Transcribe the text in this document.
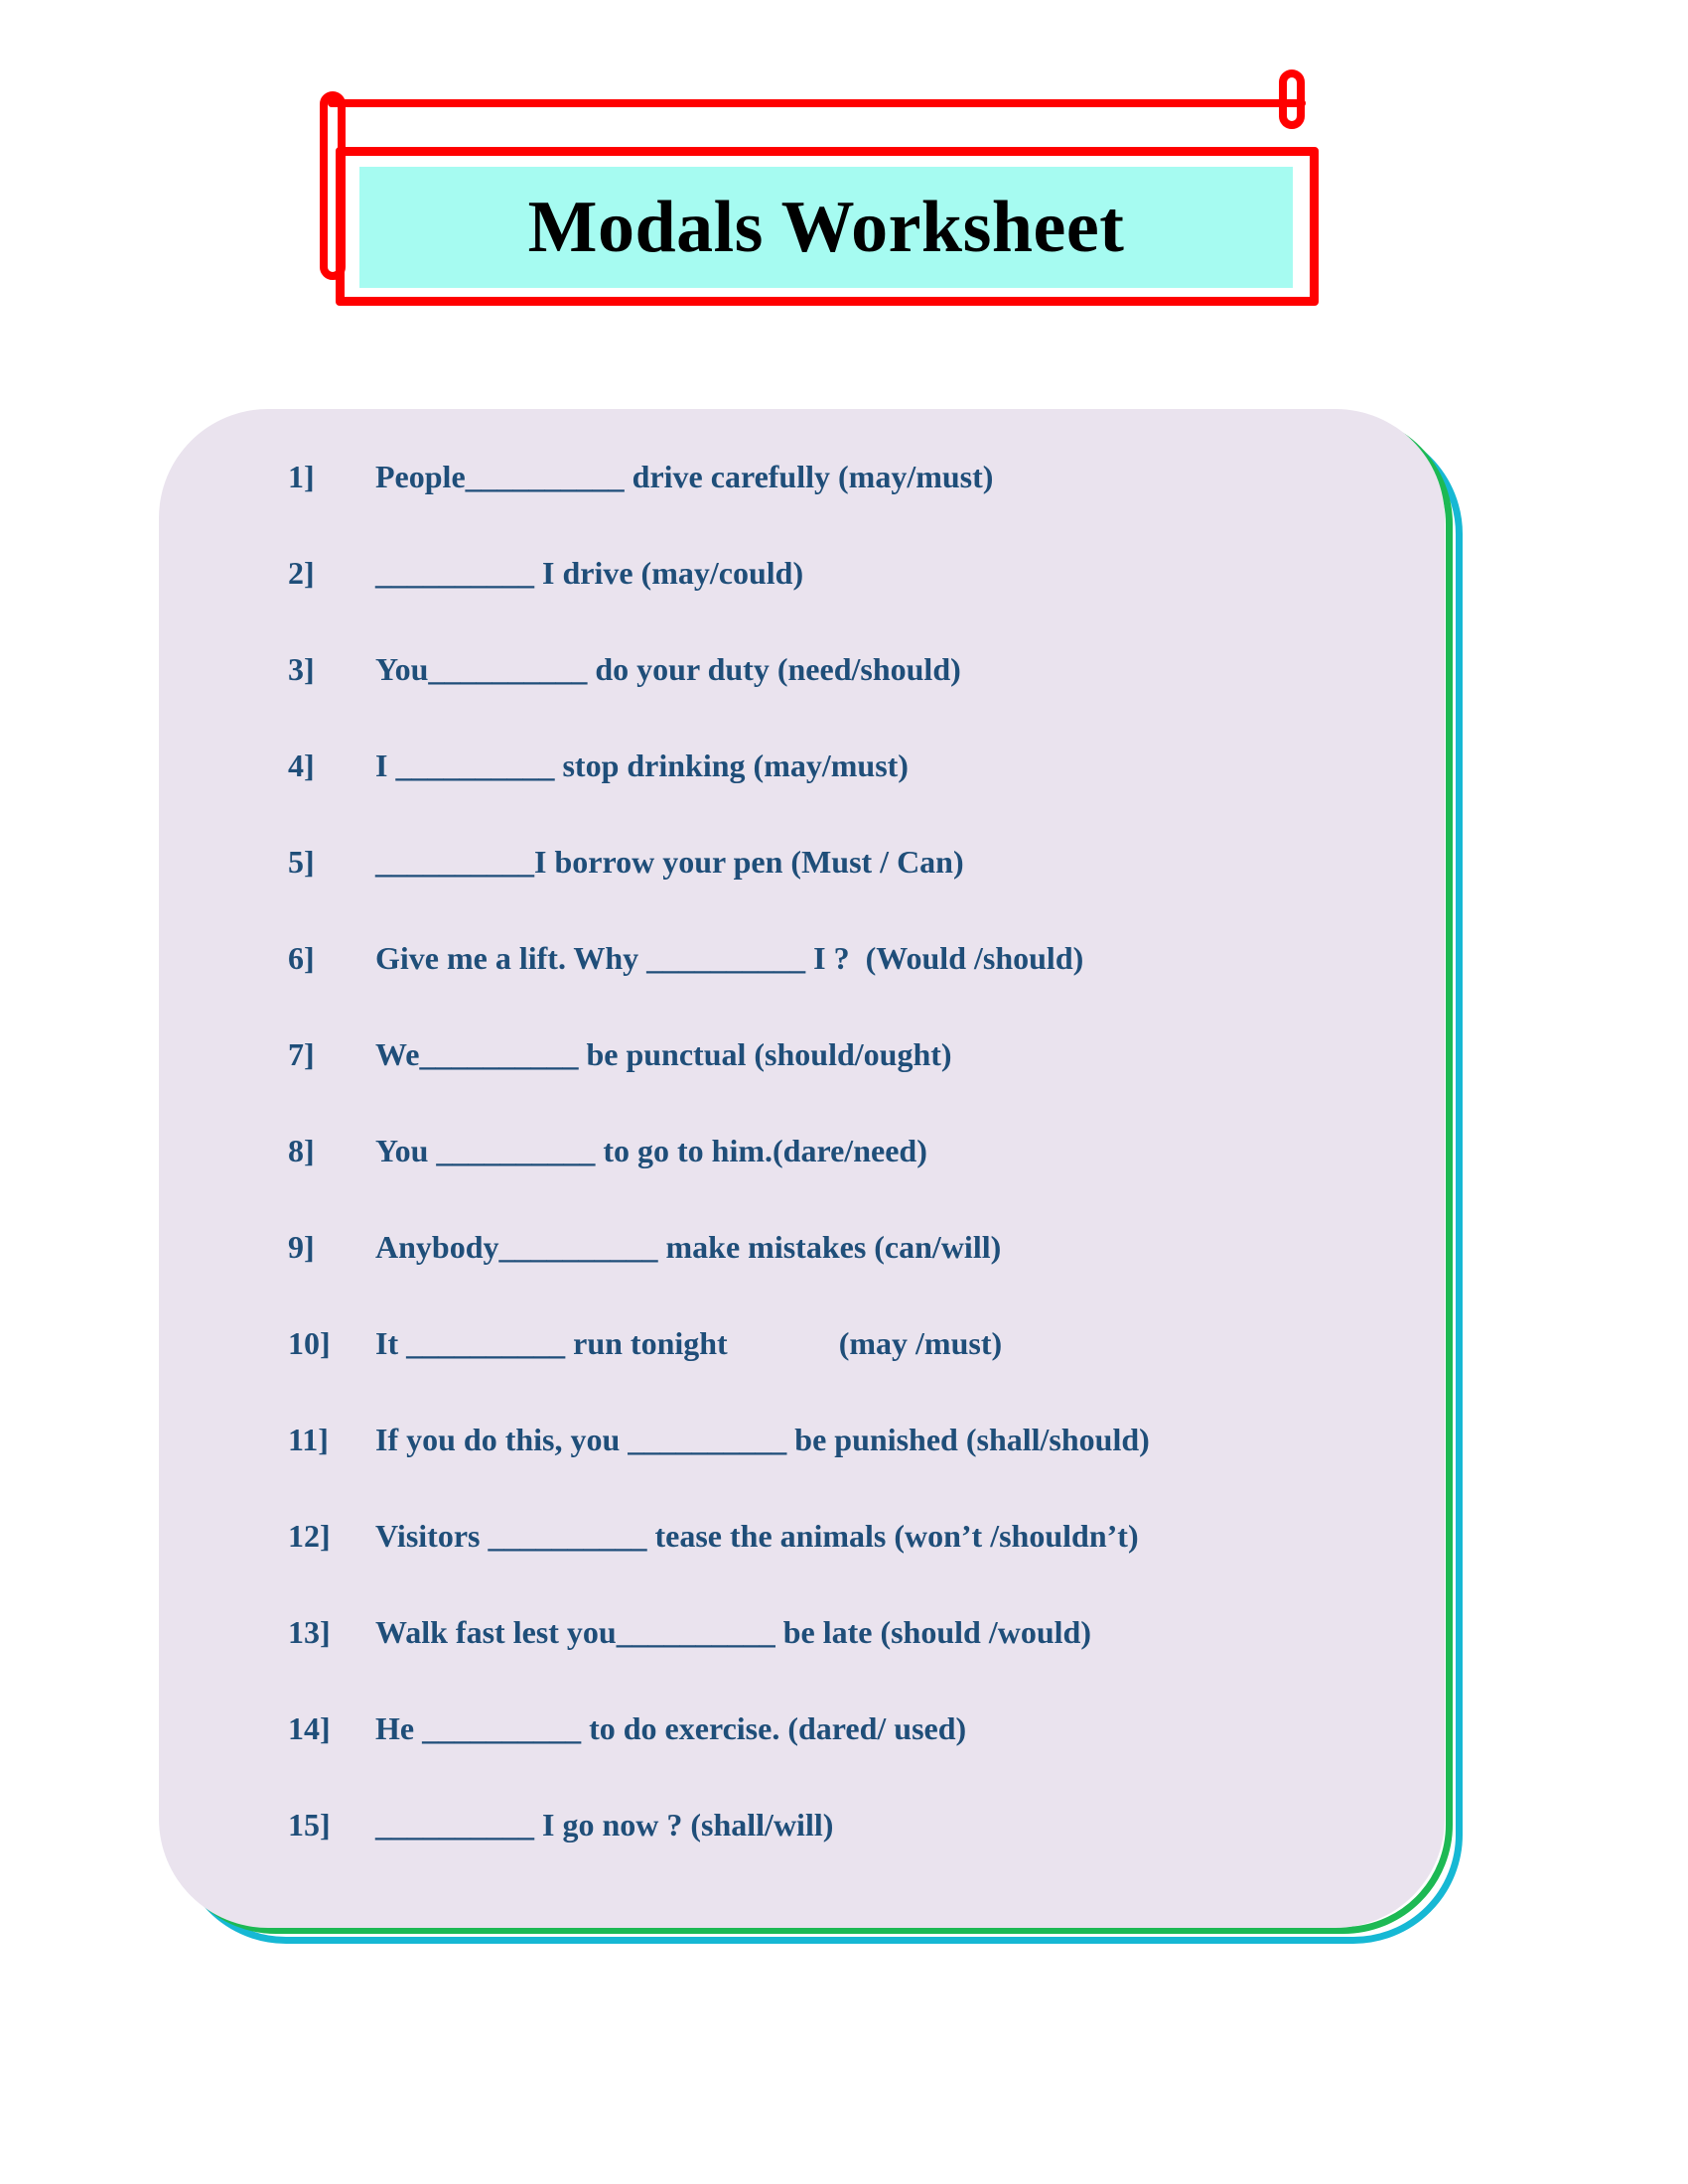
Modals Worksheet
1]	People__________ drive carefully (may/must)
2]	__________ I drive (may/could)
3]	You__________ do your duty (need/should)
4]	I __________ stop drinking (may/must)
5]	__________I borrow your pen (Must / Can)
6]	Give me a lift. Why __________ I ?  (Would /should)
7]	We__________ be punctual (should/ought)
8]	You __________ to go to him.(dare/need)
9]	Anybody__________ make mistakes (can/will)
10]	It __________ run tonight              (may /must)
11]	If you do this, you __________ be punished (shall/should)
12]	Visitors __________ tease the animals (won’t /shouldn’t)
13]	Walk fast lest you__________ be late (should /would)
14]	He __________ to do exercise. (dared/ used)
15]	__________ I go now ? (shall/will)
